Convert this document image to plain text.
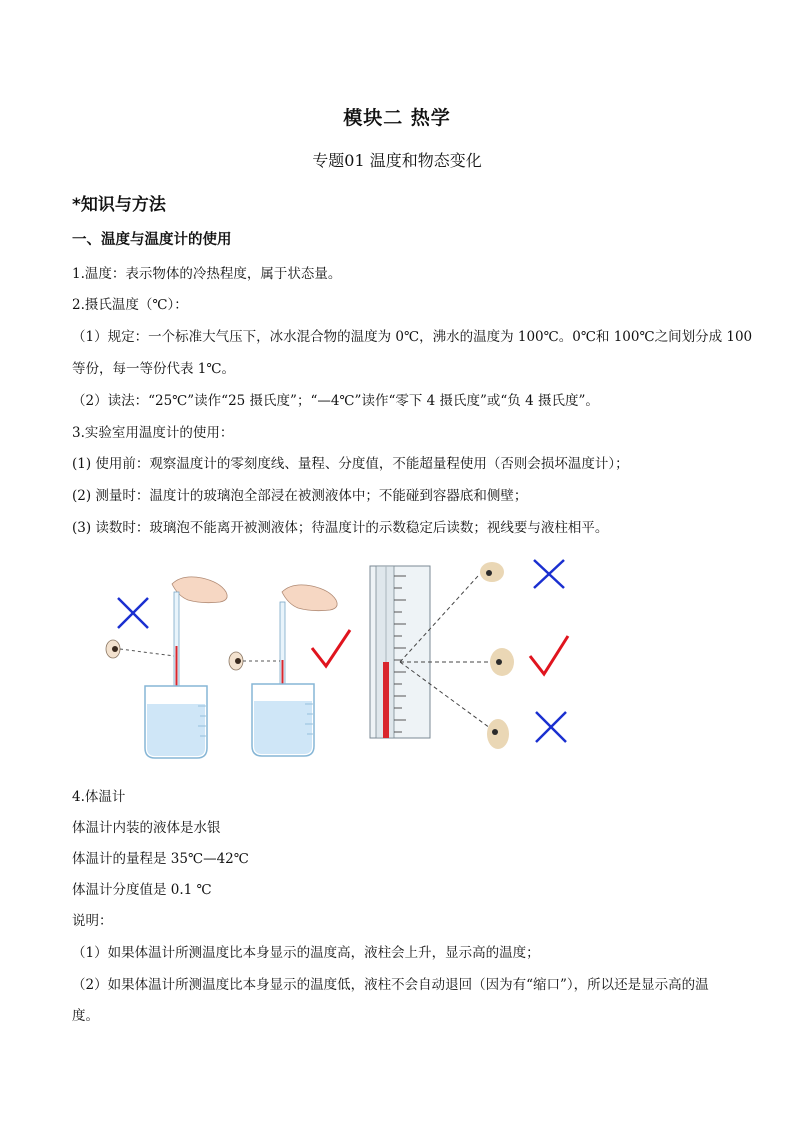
模块二 热学
专题01 温度和物态变化
*知识与方法
一、温度与温度计的使用
1.温度：表示物体的冷热程度，属于状态量。
2.摄氏温度（℃）：
（1）规定：一个标准大气压下，冰水混合物的温度为 0℃，沸水的温度为 100℃。0℃和 100℃之间划分成 100
等份，每一等份代表 1℃。
（2）读法：“25℃”读作“25 摄氏度”；“—4℃”读作“零下 4 摄氏度”或“负 4 摄氏度”。
3.实验室用温度计的使用：
(1) 使用前：观察温度计的零刻度线、量程、分度值，不能超量程使用（否则会损坏温度计）；
(2) 测量时：温度计的玻璃泡全部浸在被测液体中；不能碰到容器底和侧壁；
(3) 读数时：玻璃泡不能离开被测液体；待温度计的示数稳定后读数；视线要与液柱相平。
4.体温计
体温计内装的液体是水银
体温计的量程是 35℃—42℃
体温计分度值是 0.1 ℃
说明：
（1）如果体温计所测温度比本身显示的温度高，液柱会上升，显示高的温度；
（2）如果体温计所测温度比本身显示的温度低，液柱不会自动退回（因为有“缩口”），所以还是显示高的温
度。
